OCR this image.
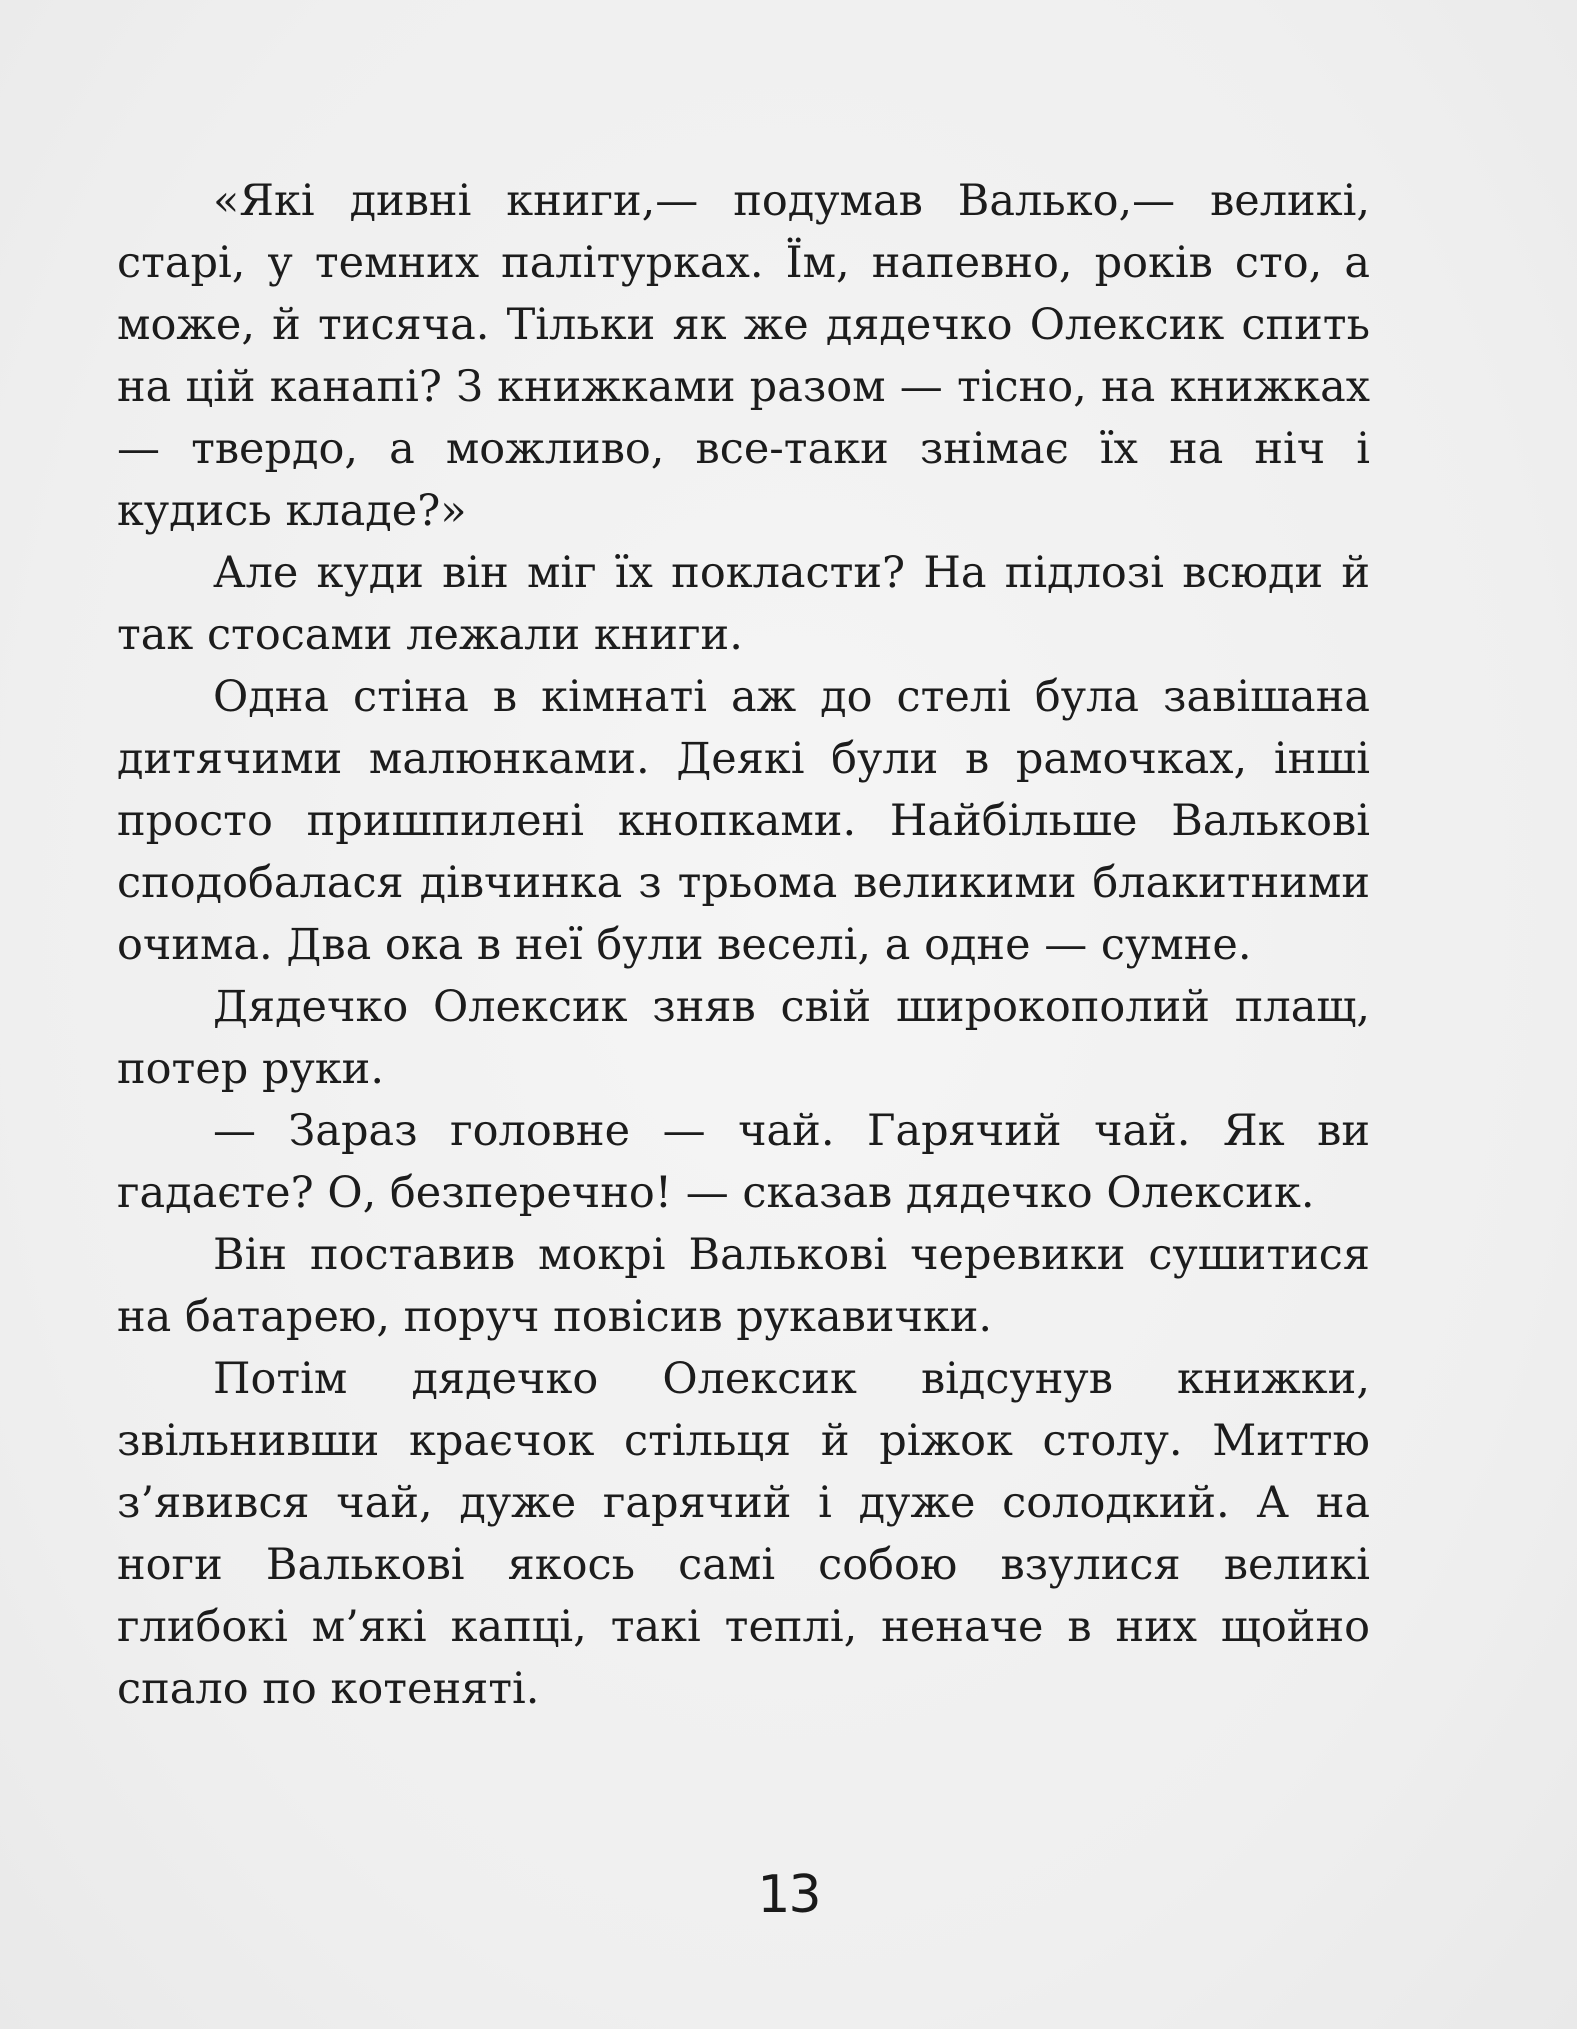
«Які дивні книги,— подумав Валько,— великі, старі, у темних палітурках. Їм, напевно, років сто, а може, й тисяча. Тільки як же дядечко Олексик спить на цій канапі? З книжками разом — тісно, на книжках — твердо, а можливо, все-таки знімає їх на ніч і кудись кладе?»

Але куди він міг їх покласти? На підлозі всюди й так стосами лежали книги.

Одна стіна в кімнаті аж до стелі була завішана дитячими малюнками. Деякі були в рамочках, інші просто пришпилені кнопками. Найбільше Валькові сподобалася дівчинка з трьома великими блакитними очима. Два ока в неї були веселі, а одне — сумне.

Дядечко Олексик зняв свій широкополий плащ, потер руки.

— Зараз головне — чай. Гарячий чай. Як ви гадаєте? О, безперечно! — сказав дядечко Олексик.

Він поставив мокрі Валькові черевики сушитися на батарею, поруч повісив рукавички.

Потім дядечко Олексик відсунув книжки, звільнивши краєчок стільця й ріжок столу. Миттю з’явився чай, дуже гарячий і дуже солодкий. А на ноги Валькові якось самі собою взулися великі глибокі м’які капці, такі теплі, неначе в них щойно спало по котеняті.

13
